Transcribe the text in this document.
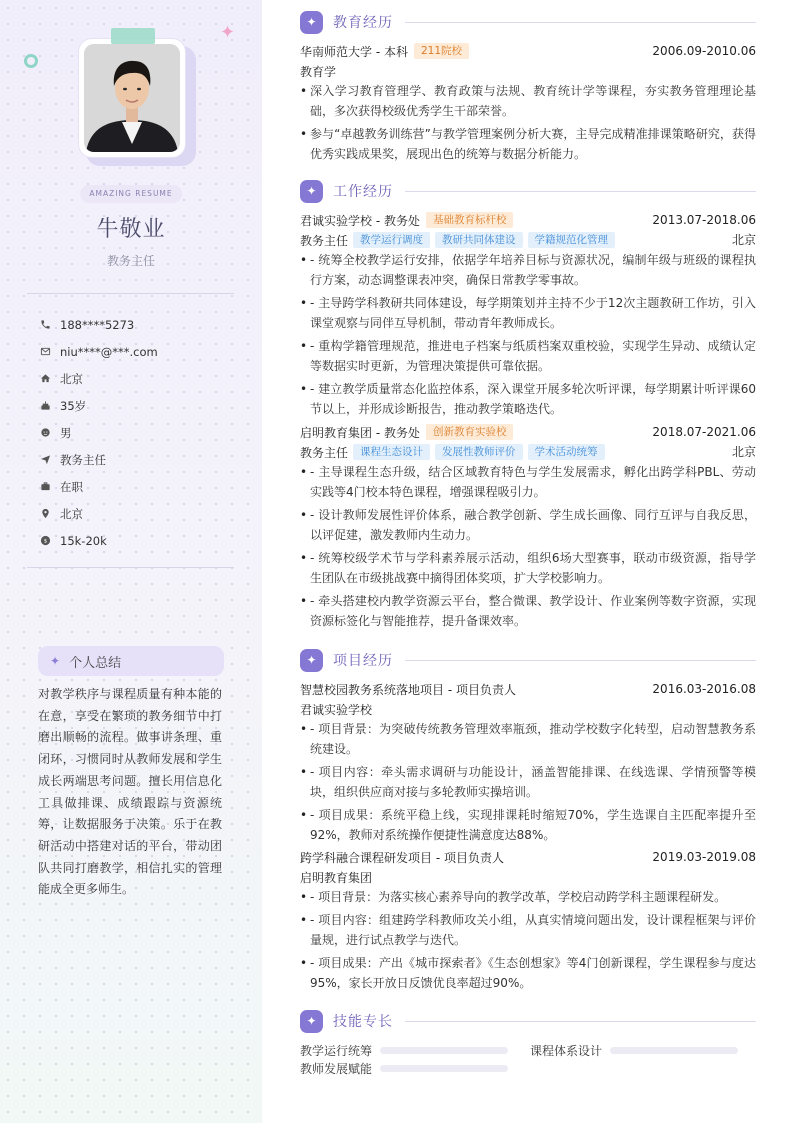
✦
AMAZING RESUME
牛敬业
教务主任
188****5273
niu****@***.com
北京
35岁
男
教务主任
在职
北京
$ 15k-20k
✦ 个人总结

对教学秩序与课程质量有种本能的在意，享受在繁琐的教务细节中打磨出顺畅的流程。做事讲条理、重闭环，习惯同时从教师发展和学生成长两端思考问题。擅长用信息化工具做排课、成绩跟踪与资源统筹，让数据服务于决策。乐于在教研活动中搭建对话的平台，带动团队共同打磨教学，相信扎实的管理能成全更多师生。

✦	教育经历
华南师范大学 - 本科	211院校	2006.09-2010.06
教育学
• 深入学习教育管理学、教育政策与法规、教育统计学等课程，夯实教务管理理论基础，多次获得校级优秀学生干部荣誉。
• 参与“卓越教务训练营”与教学管理案例分析大赛，主导完成精准排课策略研究，获得优秀实践成果奖，展现出色的统筹与数据分析能力。
✦	工作经历
君诚实验学校 - 教务处	基础教育标杆校	2013.07-2018.06
教务主任	教学运行调度	教研共同体建设	学籍规范化管理	北京
• - 统筹全校教学运行安排，依据学年培养目标与资源状况，编制年级与班级的课程执行方案，动态调整课表冲突，确保日常教学零事故。
• - 主导跨学科教研共同体建设，每学期策划并主持不少于12次主题教研工作坊，引入课堂观察与同伴互导机制，带动青年教师成长。
• - 重构学籍管理规范，推进电子档案与纸质档案双重校验，实现学生异动、成绩认定等数据实时更新，为管理决策提供可靠依据。
• - 建立教学质量常态化监控体系，深入课堂开展多轮次听评课，每学期累计听评课60节以上，并形成诊断报告，推动教学策略迭代。
启明教育集团 - 教务处	创新教育实验校	2018.07-2021.06
教务主任	课程生态设计	发展性教师评价	学术活动统筹	北京
• - 主导课程生态升级，结合区域教育特色与学生发展需求，孵化出跨学科PBL、劳动实践等4门校本特色课程，增强课程吸引力。
• - 设计教师发展性评价体系，融合教学创新、学生成长画像、同行互评与自我反思，以评促建，激发教师内生动力。
• - 统筹校级学术节与学科素养展示活动，组织6场大型赛事，联动市级资源，指导学生团队在市级挑战赛中摘得团体奖项，扩大学校影响力。
• - 牵头搭建校内教学资源云平台，整合微课、教学设计、作业案例等数字资源，实现资源标签化与智能推荐，提升备课效率。
✦	项目经历
智慧校园教务系统落地项目 - 项目负责人	2016.03-2016.08
君诚实验学校
• - 项目背景：为突破传统教务管理效率瓶颈，推动学校数字化转型，启动智慧教务系统建设。
• - 项目内容：牵头需求调研与功能设计，涵盖智能排课、在线选课、学情预警等模块，组织供应商对接与多轮教师实操培训。
• - 项目成果：系统平稳上线，实现排课耗时缩短70%，学生选课自主匹配率提升至92%，教师对系统操作便捷性满意度达88%。
跨学科融合课程研发项目 - 项目负责人	2019.03-2019.08
启明教育集团
• - 项目背景：为落实核心素养导向的教学改革，学校启动跨学科主题课程研发。
• - 项目内容：组建跨学科教师攻关小组，从真实情境问题出发，设计课程框架与评价量规，进行试点教学与迭代。
• - 项目成果：产出《城市探索者》《生态创想家》等4门创新课程，学生课程参与度达95%，家长开放日反馈优良率超过90%。
✦	技能专长
教学运行统筹	课程体系设计
教师发展赋能
